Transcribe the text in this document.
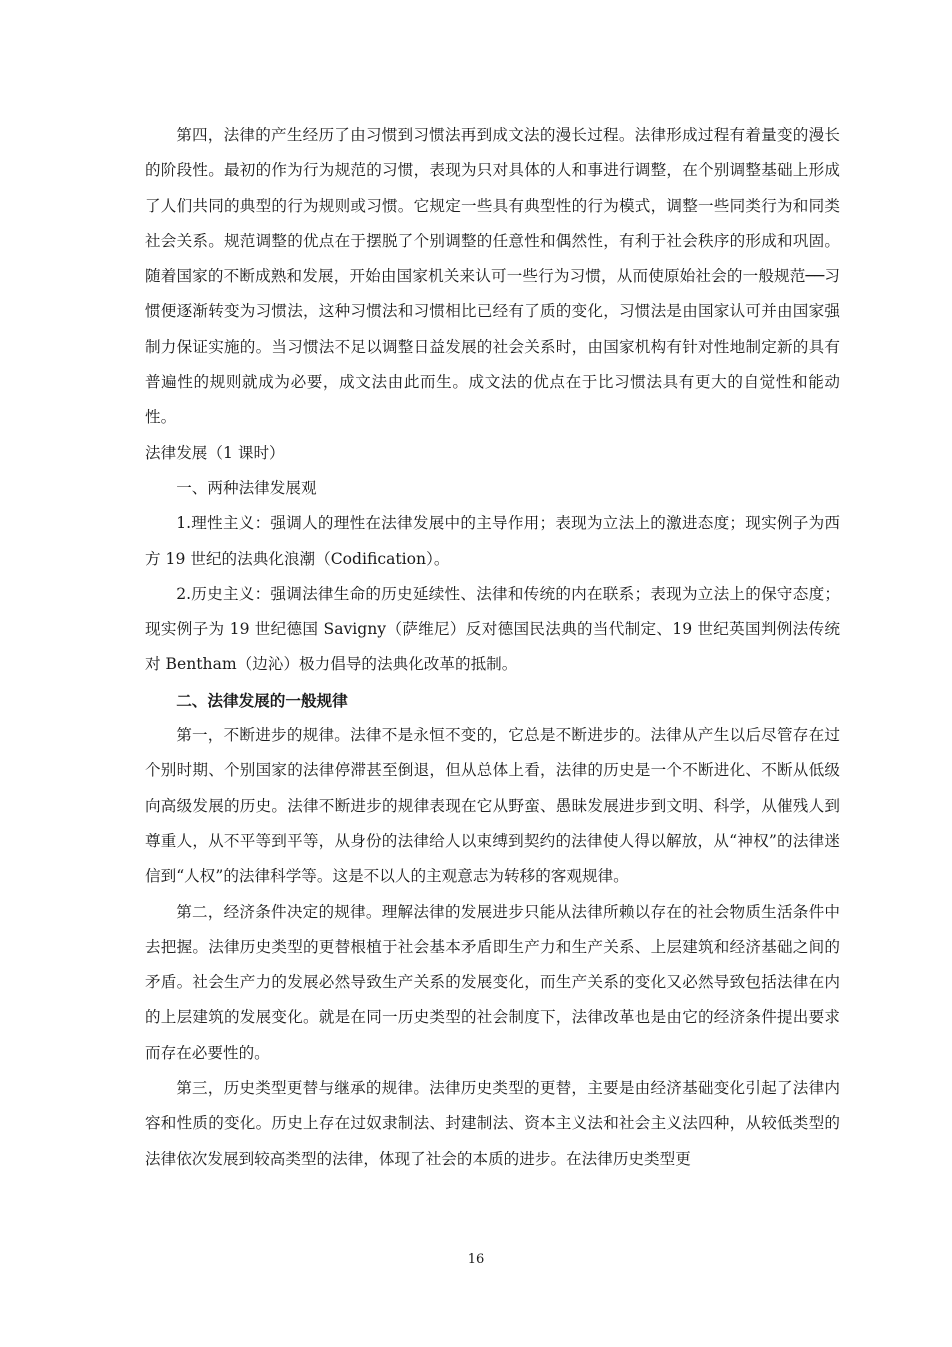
第四，法律的产生经历了由习惯到习惯法再到成文法的漫长过程。法律形成过程有着量变的漫长的阶段性。最初的作为行为规范的习惯，表现为只对具体的人和事进行调整，在个别调整基础上形成了人们共同的典型的行为规则或习惯。它规定一些具有典型性的行为模式，调整一些同类行为和同类社会关系。规范调整的优点在于摆脱了个别调整的任意性和偶然性，有利于社会秩序的形成和巩固。随着国家的不断成熟和发展，开始由国家机关来认可一些行为习惯，从而使原始社会的一般规范──习惯便逐渐转变为习惯法，这种习惯法和习惯相比已经有了质的变化，习惯法是由国家认可并由国家强制力保证实施的。当习惯法不足以调整日益发展的社会关系时，由国家机构有针对性地制定新的具有普遍性的规则就成为必要，成文法由此而生。成文法的优点在于比习惯法具有更大的自觉性和能动性。

法律发展（1 课时）

一、两种法律发展观

1.理性主义：强调人的理性在法律发展中的主导作用；表现为立法上的激进态度；现实例子为西方 19 世纪的法典化浪潮（Codification）。

2.历史主义：强调法律生命的历史延续性、法律和传统的内在联系；表现为立法上的保守态度；现实例子为 19 世纪德国 Savigny（萨维尼）反对德国民法典的当代制定、19 世纪英国判例法传统对 Bentham（边沁）极力倡导的法典化改革的抵制。

二、法律发展的一般规律

第一，不断进步的规律。法律不是永恒不变的，它总是不断进步的。法律从产生以后尽管存在过个别时期、个别国家的法律停滞甚至倒退，但从总体上看，法律的历史是一个不断进化、不断从低级向高级发展的历史。法律不断进步的规律表现在它从野蛮、愚昧发展进步到文明、科学，从催残人到尊重人，从不平等到平等，从身份的法律给人以束缚到契约的法律使人得以解放，从“神权”的法律迷信到“人权”的法律科学等。这是不以人的主观意志为转移的客观规律。

第二，经济条件决定的规律。理解法律的发展进步只能从法律所赖以存在的社会物质生活条件中去把握。法律历史类型的更替根植于社会基本矛盾即生产力和生产关系、上层建筑和经济基础之间的矛盾。社会生产力的发展必然导致生产关系的发展变化，而生产关系的变化又必然导致包括法律在内的上层建筑的发展变化。就是在同一历史类型的社会制度下，法律改革也是由它的经济条件提出要求而存在必要性的。

第三，历史类型更替与继承的规律。法律历史类型的更替，主要是由经济基础变化引起了法律内容和性质的变化。历史上存在过奴隶制法、封建制法、资本主义法和社会主义法四种，从较低类型的法律依次发展到较高类型的法律，体现了社会的本质的进步。在法律历史类型更

16
